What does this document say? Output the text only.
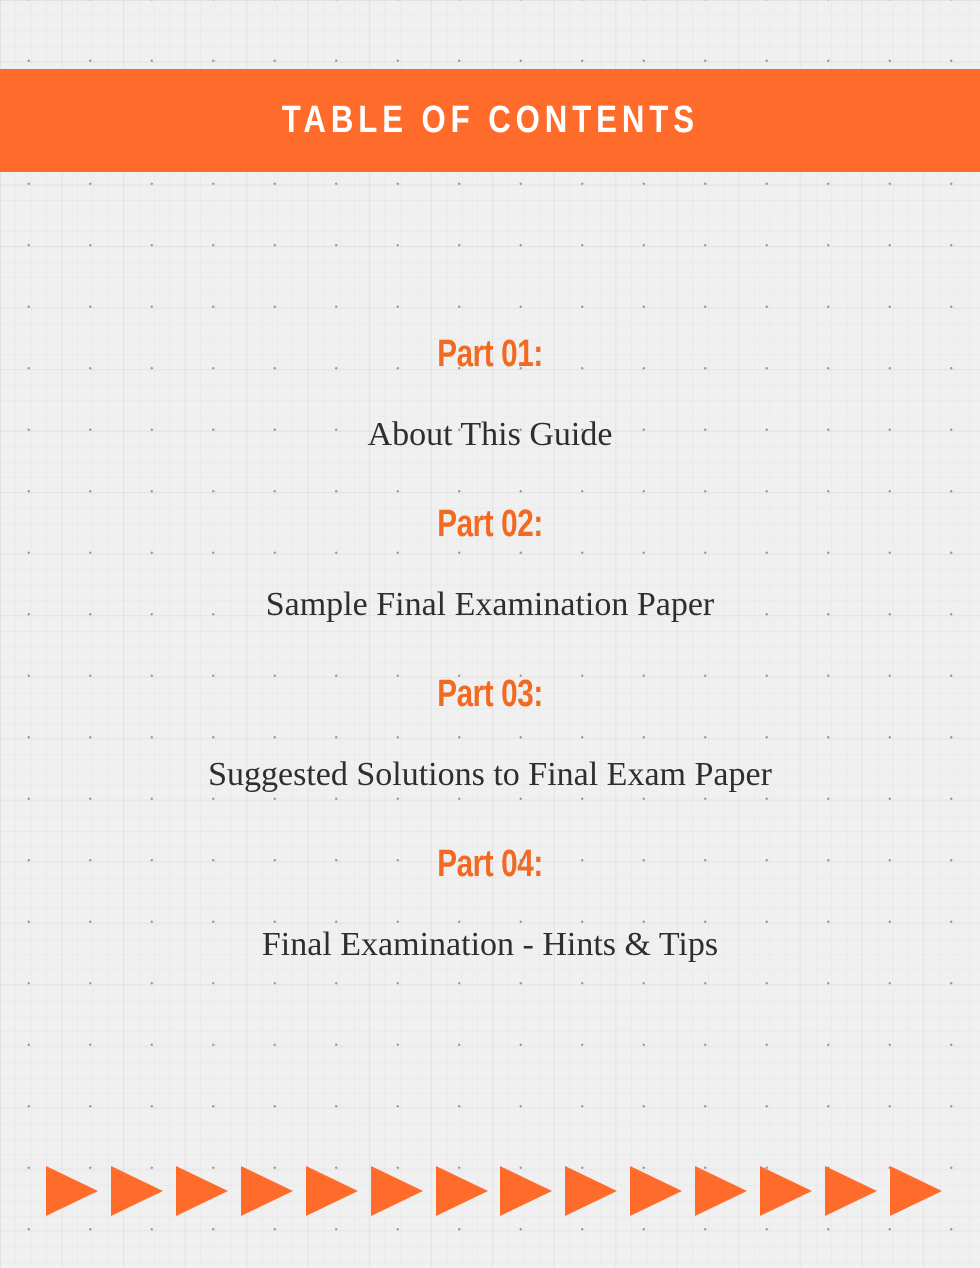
TABLE OF CONTENTS
Part 01:
About This Guide
Part 02:
Sample Final Examination Paper
Part 03:
Suggested Solutions to Final Exam Paper
Part 04:
Final Examination - Hints & Tips
